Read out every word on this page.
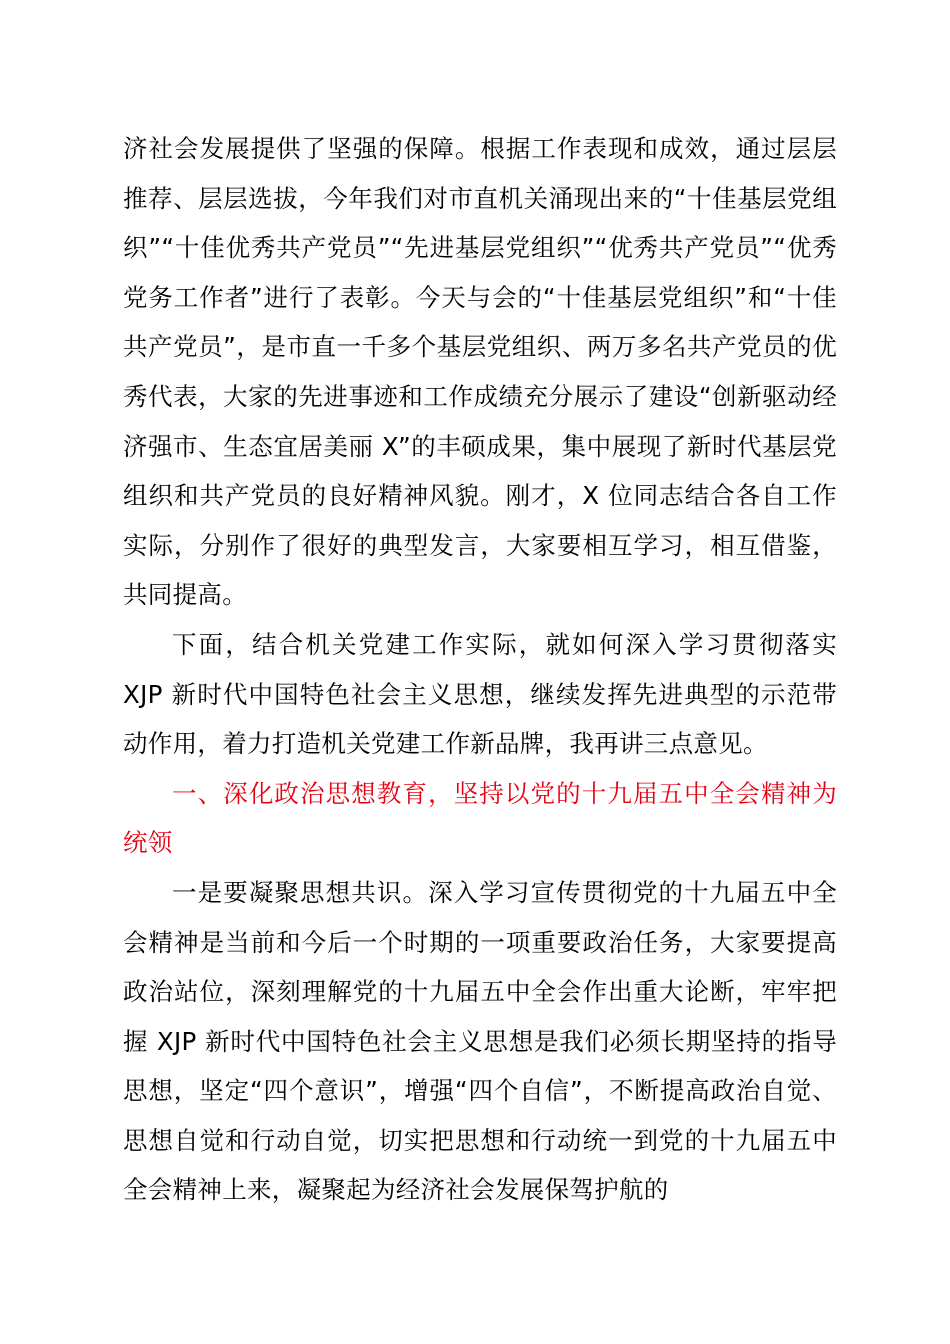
济社会发展提供了坚强的保障。根据工作表现和成效，通过层层推荐、层层选拔，今年我们对市直机关涌现出来的“十佳基层党组织”“十佳优秀共产党员”“先进基层党组织”“优秀共产党员”“优秀党务工作者”进行了表彰。今天与会的“十佳基层党组织”和“十佳共产党员”，是市直一千多个基层党组织、两万多名共产党员的优秀代表，大家的先进事迹和工作成绩充分展示了建设“创新驱动经济强市、生态宜居美丽 X”的丰硕成果，集中展现了新时代基层党组织和共产党员的良好精神风貌。刚才，X 位同志结合各自工作实际，分别作了很好的典型发言，大家要相互学习，相互借鉴，共同提高。

下面，结合机关党建工作实际，就如何深入学习贯彻落实 XJP 新时代中国特色社会主义思想，继续发挥先进典型的示范带动作用，着力打造机关党建工作新品牌，我再讲三点意见。

一、深化政治思想教育，坚持以党的十九届五中全会精神为统领

一是要凝聚思想共识。深入学习宣传贯彻党的十九届五中全会精神是当前和今后一个时期的一项重要政治任务，大家要提高政治站位，深刻理解党的十九届五中全会作出重大论断，牢牢把握 XJP 新时代中国特色社会主义思想是我们必须长期坚持的指导思想，坚定“四个意识”，增强“四个自信”，不断提高政治自觉、思想自觉和行动自觉，切实把思想和行动统一到党的十九届五中全会精神上来，凝聚起为经济社会发展保驾护航的
